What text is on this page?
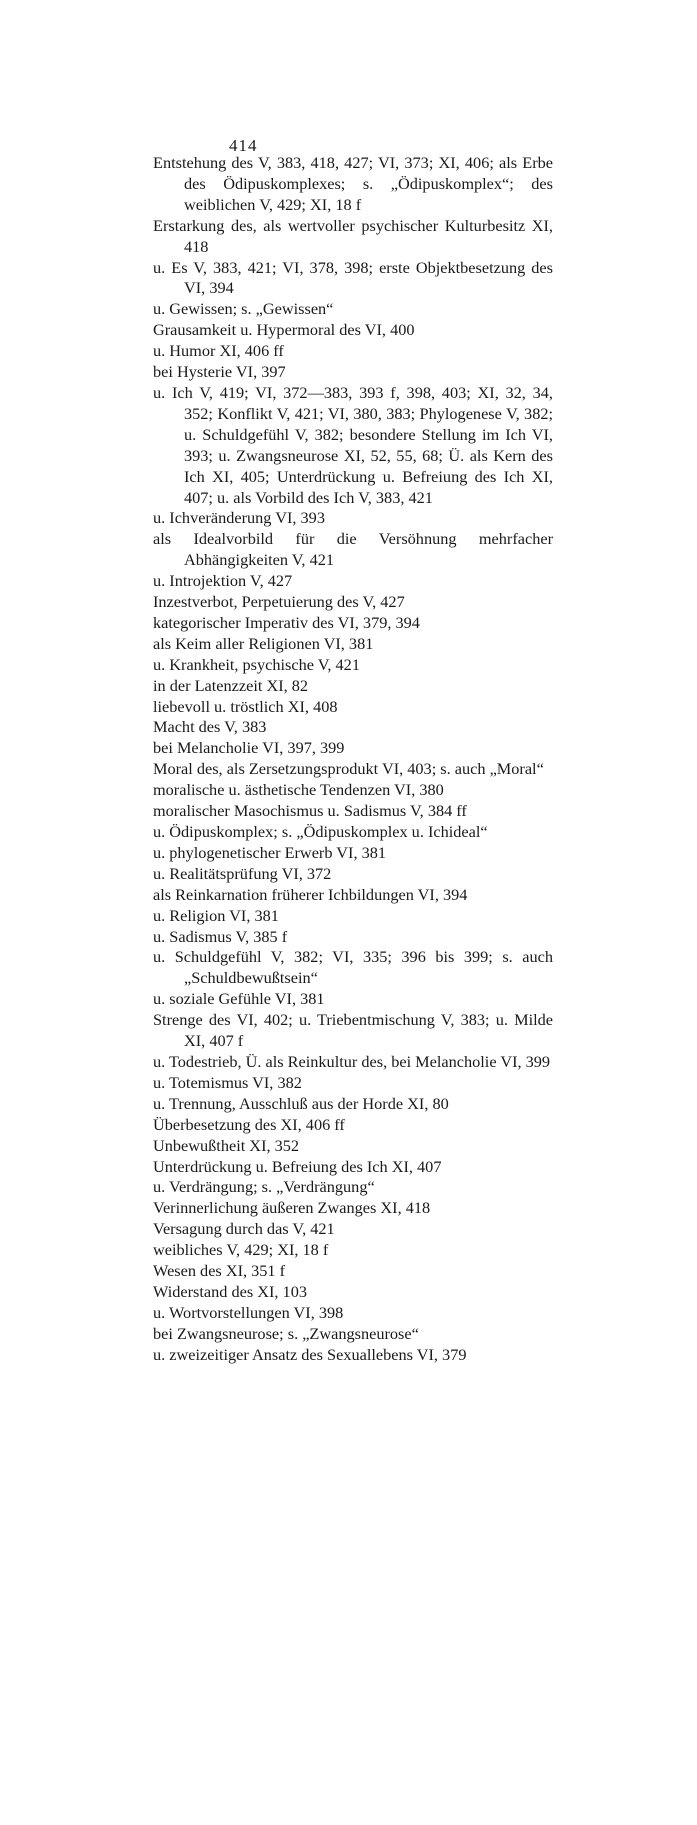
414
Entstehung des V, 383, 418, 427; VI, 373; XI, 406; als Erbe des Ödipuskomplexes; s. „Ödipuskomplex“; des weiblichen V, 429; XI, 18 f
Erstarkung des, als wertvoller psychischer Kulturbesitz XI, 418
u. Es V, 383, 421; VI, 378, 398; erste Objektbesetzung des VI, 394
u. Gewissen; s. „Gewissen“
Grausamkeit u. Hypermoral des VI, 400
u. Humor XI, 406 ff
bei Hysterie VI, 397
u. Ich V, 419; VI, 372—383, 393 f, 398, 403; XI, 32, 34, 352; Konflikt V, 421; VI, 380, 383; Phylogenese V, 382; u. Schuldgefühl V, 382; besondere Stellung im Ich VI, 393; u. Zwangsneurose XI, 52, 55, 68; Ü. als Kern des Ich XI, 405; Unterdrückung u. Befreiung des Ich XI, 407; u. als Vorbild des Ich V, 383, 421
u. Ichveränderung VI, 393
als Idealvorbild für die Versöhnung mehrfacher Abhängigkeiten V, 421
u. Introjektion V, 427
Inzestverbot, Perpetuierung des V, 427
kategorischer Imperativ des VI, 379, 394
als Keim aller Religionen VI, 381
u. Krankheit, psychische V, 421
in der Latenzzeit XI, 82
liebevoll u. tröstlich XI, 408
Macht des V, 383
bei Melancholie VI, 397, 399
Moral des, als Zersetzungsprodukt VI, 403; s. auch „Moral“
moralische u. ästhetische Tendenzen VI, 380
moralischer Masochismus u. Sadismus V, 384 ff
u. Ödipuskomplex; s. „Ödipuskomplex u. Ichideal“
u. phylogenetischer Erwerb VI, 381
u. Realitätsprüfung VI, 372
als Reinkarnation früherer Ichbildungen VI, 394
u. Religion VI, 381
u. Sadismus V, 385 f
u. Schuldgefühl V, 382; VI, 335; 396 bis 399; s. auch „Schuldbewußtsein“
u. soziale Gefühle VI, 381
Strenge des VI, 402; u. Triebentmischung V, 383; u. Milde XI, 407 f
u. Todestrieb, Ü. als Reinkultur des, bei Melancholie VI, 399
u. Totemismus VI, 382
u. Trennung, Ausschluß aus der Horde XI, 80
Überbesetzung des XI, 406 ff
Unbewußtheit XI, 352
Unterdrückung u. Befreiung des Ich XI, 407
u. Verdrängung; s. „Verdrängung“
Verinnerlichung äußeren Zwanges XI, 418
Versagung durch das V, 421
weibliches V, 429; XI, 18 f
Wesen des XI, 351 f
Widerstand des XI, 103
u. Wortvorstellungen VI, 398
bei Zwangsneurose; s. „Zwangsneurose“
u. zweizeitiger Ansatz des Sexuallebens VI, 379
